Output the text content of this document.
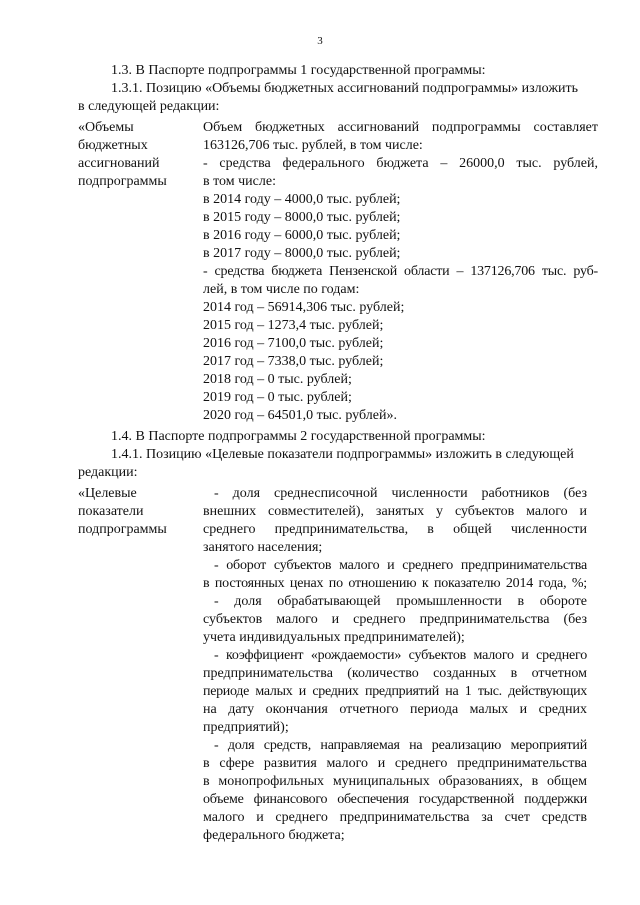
3
1.3. В Паспорте подпрограммы 1 государственной программы:
1.3.1. Позицию «Объемы бюджетных ассигнований подпрограммы» изложить
в следующей редакции:
«Объемы
бюджетных
ассигнований
подпрограммы
Объем бюджетных ассигнований подпрограммы составляет
163126,706 тыс. рублей, в том числе:
- средства федерального бюджета – 26000,0 тыс. рублей,
в том числе:
в 2014 году – 4000,0 тыс. рублей;
в 2015 году – 8000,0 тыс. рублей;
в 2016 году – 6000,0 тыс. рублей;
в 2017 году – 8000,0 тыс. рублей;
- средства бюджета Пензенской области – 137126,706 тыс. руб-
лей, в том числе по годам:
2014 год – 56914,306 тыс. рублей;
2015 год – 1273,4 тыс. рублей;
2016 год – 7100,0 тыс. рублей;
2017 год – 7338,0 тыс. рублей;
2018 год – 0 тыс. рублей;
2019 год – 0 тыс. рублей;
2020 год – 64501,0 тыс. рублей».
1.4. В Паспорте подпрограммы 2 государственной программы:
1.4.1. Позицию «Целевые показатели подпрограммы» изложить в следующей
редакции:
«Целевые
показатели
подпрограммы
- доля среднесписочной численности работников (без
внешних совместителей), занятых у субъектов малого и
среднего предпринимательства, в общей численности
занятого населения;
- оборот субъектов малого и среднего предпринимательства
в постоянных ценах по отношению к показателю 2014 года, %;
- доля обрабатывающей промышленности в обороте
субъектов малого и среднего предпринимательства (без
учета индивидуальных предпринимателей);
- коэффициент «рождаемости» субъектов малого и среднего
предпринимательства (количество созданных в отчетном
периоде малых и средних предприятий на 1 тыс. действующих
на дату окончания отчетного периода малых и средних
предприятий);
- доля средств, направляемая на реализацию мероприятий
в сфере развития малого и среднего предпринимательства
в монопрофильных муниципальных образованиях, в общем
объеме финансового обеспечения государственной поддержки
малого и среднего предпринимательства за счет средств
федерального бюджета;
